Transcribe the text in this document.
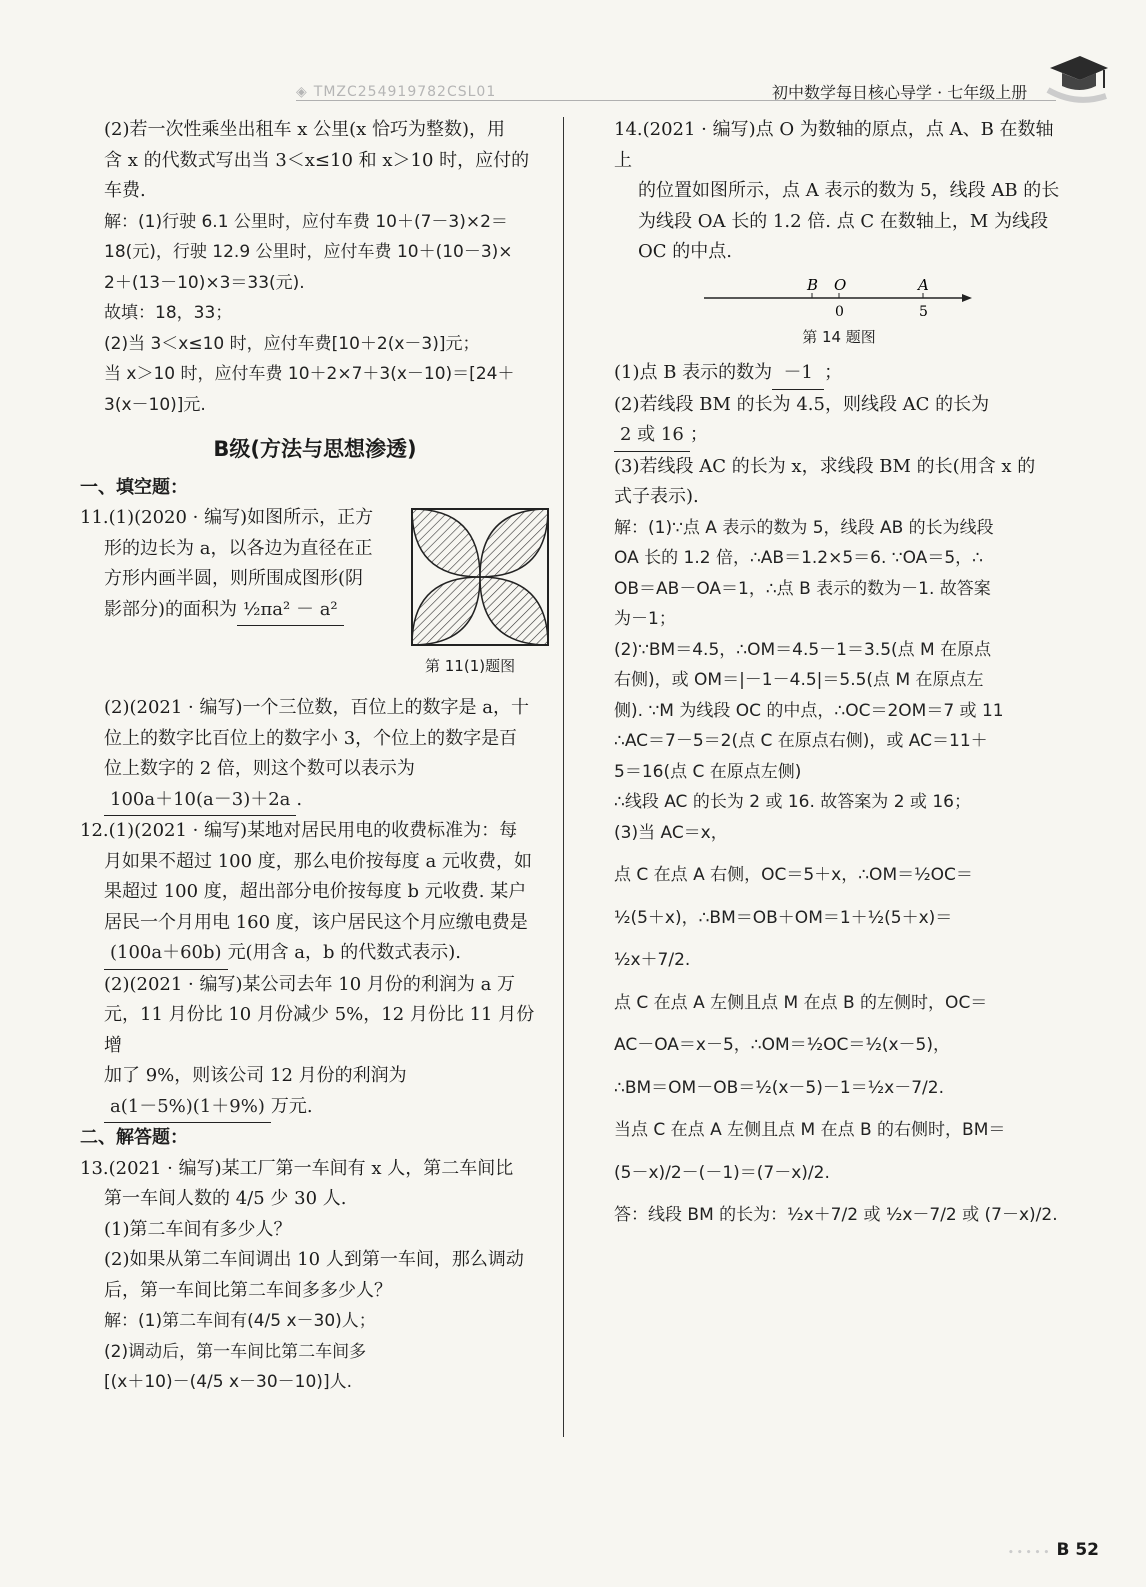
◈ TMZC254919782CSL01	初中数学每日核心导学 · 七年级上册

(2)若一次性乘坐出租车 x 公里(x 恰巧为整数)，用

含 x 的代数式写出当 3＜x≤10 和 x＞10 时，应付的

车费.

解：(1)行驶 6.1 公里时，应付车费 10＋(7－3)×2＝

18(元)，行驶 12.9 公里时，应付车费 10＋(10－3)×

2＋(13－10)×3＝33(元).

故填：18，33；

(2)当 3＜x≤10 时，应付车费[10＋2(x－3)]元；

当 x＞10 时，应付车费 10＋2×7＋3(x－10)＝[24＋

3(x－10)]元.

B级(方法与思想渗透)

一、填空题：

11.(1)(2020 · 编写)如图所示，正方

形的边长为 a，以各边为直径在正

方形内画半圆，则所围成图形(阴

影部分)的面积为 ½πa² － a²

第 11(1)题图

(2)(2021 · 编写)一个三位数，百位上的数字是 a，十

位上的数字比百位上的数字小 3，个位上的数字是百

位上数字的 2 倍，则这个数可以表示为100a＋10(a－3)＋2a .

12.(1)(2021 · 编写)某地对居民用电的收费标准为：每

月如果不超过 100 度，那么电价按每度 a 元收费，如

果超过 100 度，超出部分电价按每度 b 元收费. 某户

居民一个月用电 160 度，该户居民这个月应缴电费是

(100a＋60b) 元(用含 a，b 的代数式表示).

(2)(2021 · 编写)某公司去年 10 月份的利润为 a 万

元，11 月份比 10 月份减少 5%，12 月份比 11 月份增

加了 9%，则该公司 12 月份的利润为a(1－5%)(1＋9%) 万元.

二、解答题：

13.(2021 · 编写)某工厂第一车间有 x 人，第二车间比

第一车间人数的 4/5 少 30 人.

(1)第二车间有多少人？

(2)如果从第二车间调出 10 人到第一车间，那么调动

后，第一车间比第二车间多多少人？

解：(1)第二车间有(4/5 x－30)人；

(2)调动后，第一车间比第二车间多

[(x＋10)－(4/5 x－30－10)]人.

14.(2021 · 编写)点 O 为数轴的原点，点 A、B 在数轴上

的位置如图所示，点 A 表示的数为 5，线段 AB 的长

为线段 OA 长的 1.2 倍. 点 C 在数轴上，M 为线段

OC 的中点.

B O	A
0	5

第 14 题图

(1)点 B 表示的数为 －1 ；

(2)若线段 BM 的长为 4.5，则线段 AC 的长为2 或 16 ；

(3)若线段 AC 的长为 x，求线段 BM 的长(用含 x 的

式子表示).

解：(1)∵点 A 表示的数为 5，线段 AB 的长为线段

OA 长的 1.2 倍，∴AB＝1.2×5＝6. ∵OA＝5，∴

OB＝AB－OA＝1，∴点 B 表示的数为－1. 故答案

为－1；

(2)∵BM＝4.5，∴OM＝4.5－1＝3.5(点 M 在原点

右侧)，或 OM＝|－1－4.5|＝5.5(点 M 在原点左

侧). ∵M 为线段 OC 的中点，∴OC＝2OM＝7 或 11

∴AC＝7－5＝2(点 C 在原点右侧)，或 AC＝11＋

5＝16(点 C 在原点左侧)

∴线段 AC 的长为 2 或 16. 故答案为 2 或 16；

(3)当 AC＝x，

点 C 在点 A 右侧，OC＝5＋x，∴OM＝½OC＝

½(5＋x)，∴BM＝OB＋OM＝1＋½(5＋x)＝

½x＋7/2.

点 C 在点 A 左侧且点 M 在点 B 的左侧时，OC＝

AC－OA＝x－5，∴OM＝½OC＝½(x－5)，

∴BM＝OM－OB＝½(x－5)－1＝½x－7/2.

当点 C 在点 A 左侧且点 M 在点 B 的右侧时，BM＝

(5－x)/2－(－1)＝(7－x)/2.

答：线段 BM 的长为：½x＋7/2 或 ½x－7/2 或 (7－x)/2.

• • • B 52
